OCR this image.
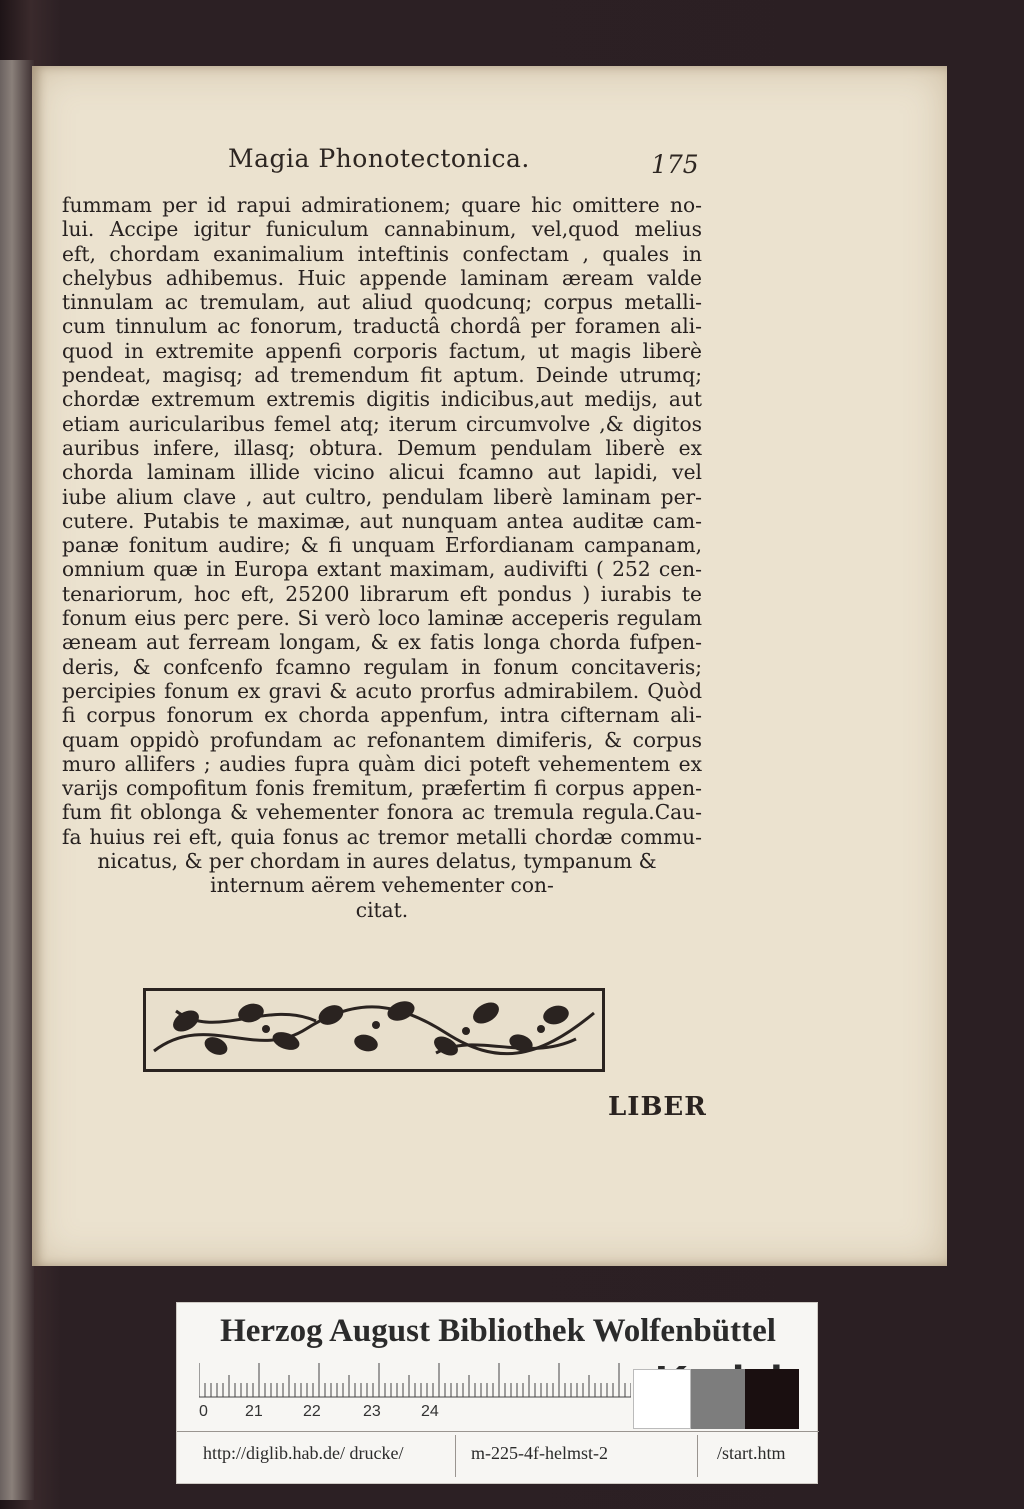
Magia Phonotectonica.	175
fummam per id rapui admirationem; quare hic omittere no-
lui. Accipe igitur funiculum cannabinum, vel,quod melius
eft, chordam exanimalium inteftinis confectam , quales in
chelybus adhibemus. Huic appende laminam æream valde
tinnulam ac tremulam, aut aliud quodcunq; corpus metalli-
cum tinnulum ac fonorum, traductâ chordâ per foramen ali-
quod in extremite appenfi corporis factum, ut magis liberè
pendeat, magisq; ad tremendum fit aptum. Deinde utrumq;
chordæ extremum extremis digitis indicibus,aut medijs, aut
etiam auricularibus femel atq; iterum circumvolve ,& digitos
auribus infere, illasq; obtura. Demum pendulam liberè ex
chorda laminam illide vicino alicui fcamno aut lapidi, vel
iube alium clave , aut cultro, pendulam liberè laminam per-
cutere. Putabis te maximæ, aut nunquam antea auditæ cam-
panæ fonitum audire; & fi unquam Erfordianam campanam,
omnium quæ in Europa extant maximam, audivifti ( 252 cen-
tenariorum, hoc eft, 25200 librarum eft pondus ) iurabis te
fonum eius perc pere. Si verò loco laminæ acceperis regulam
æneam aut ferream longam, & ex fatis longa chorda fufpen-
deris, & confcenfo fcamno regulam in fonum concitaveris;
percipies fonum ex gravi & acuto prorfus admirabilem. Quòd
fi corpus fonorum ex chorda appenfum, intra cifternam ali-
quam oppidò profundam ac refonantem dimiferis, & corpus
muro allifers ; audies fupra quàm dici poteft vehementem ex
varijs compofitum fonis fremitum, præfertim fi corpus appen-
fum fit oblonga & vehementer fonora ac tremula regula.Cau-
fa huius rei eft, quia fonus ac tremor metalli chordæ commu-
nicatus, & per chordam in aures delatus, tympanum &
internum aërem vehementer con-
citat.
LIBER
Herzog August Bibliothek Wolfenbüttel
0 21	22	23	24
http://diglib.hab.de/ drucke/	m-225-4f-helmst-2	/start.htm
